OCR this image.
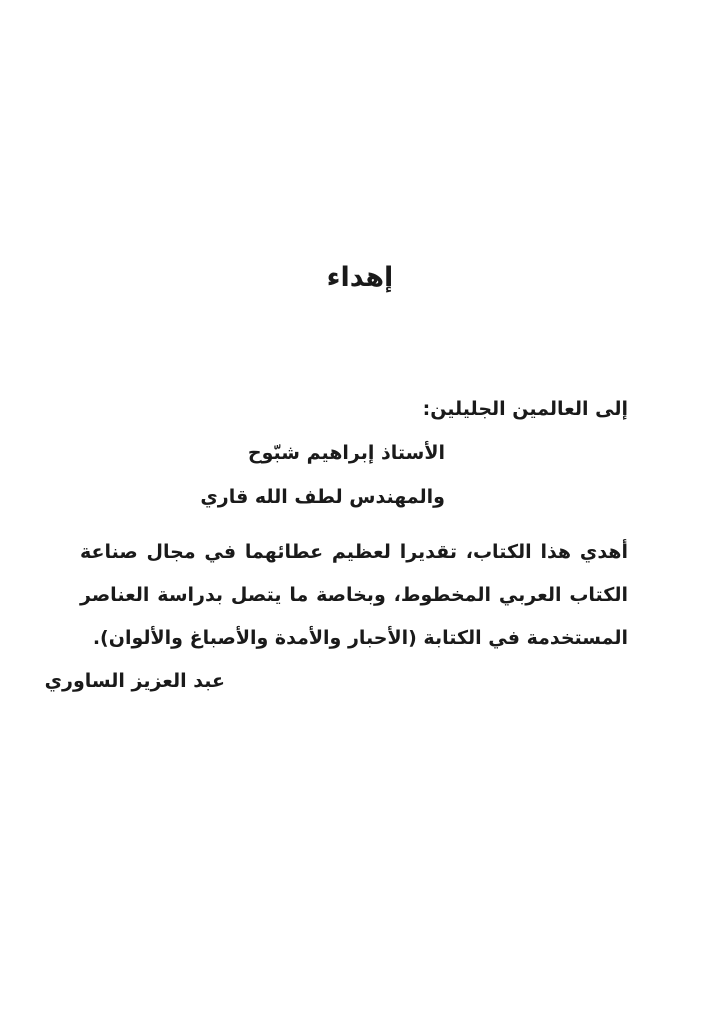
إهداء

إلى العالمين الجليلين:

الأستاذ إبراهيم شبّوح

والمهندس لطف الله قاري

أهدي هذا الكتاب، تقديرا لعظيم عطائهما في مجال صناعة الكتاب العربي المخطوط، وبخاصة ما يتصل بدراسة العناصر المستخدمة في الكتابة (الأحبار والأمدة والأصباغ والألوان).

عبد العزيز الساوري
